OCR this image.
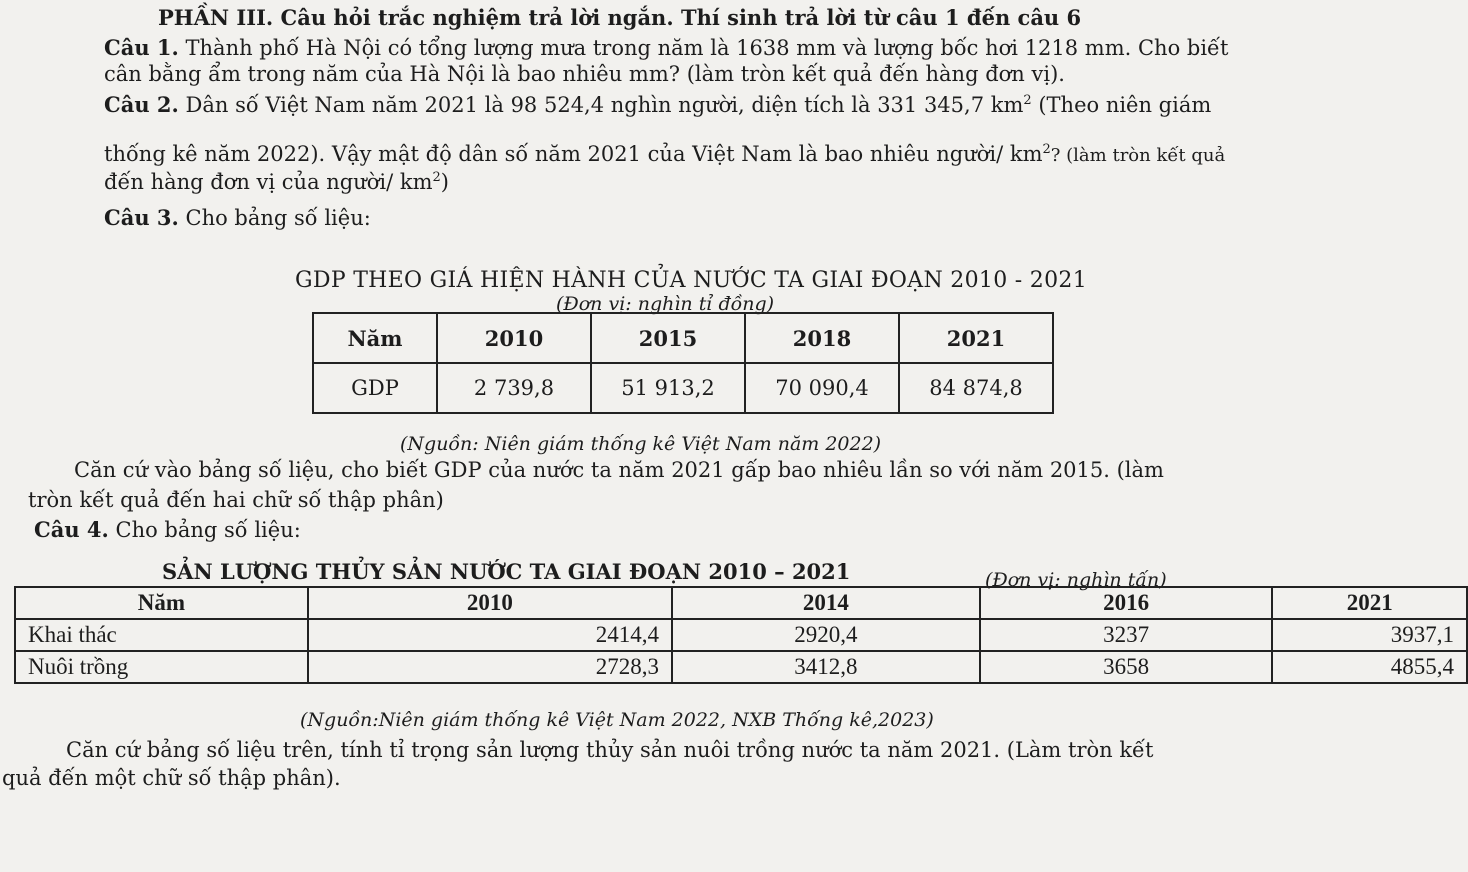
PHẦN III. Câu hỏi trắc nghiệm trả lời ngắn. Thí sinh trả lời từ câu 1 đến câu 6
Câu 1. Thành phố Hà Nội có tổng lượng mưa trong năm là 1638 mm và lượng bốc hơi 1218 mm. Cho biết
cân bằng ẩm trong năm của Hà Nội là bao nhiêu mm? (làm tròn kết quả đến hàng đơn vị).
Câu 2. Dân số Việt Nam năm 2021 là 98 524,4 nghìn người, diện tích là 331 345,7 $km^2$ (Theo niên giám
thống kê năm 2022). Vậy mật độ dân số năm 2021 của Việt Nam là bao nhiêu người/ $km^2$? (làm tròn kết quả
đến hàng đơn vị của người/ $km^2$)
Câu 3. Cho bảng số liệu:
GDP THEO GIÁ HIỆN HÀNH CỦA NƯỚC TA GIAI ĐOẠN 2010 - 2021
(Đơn vị: nghìn tỉ đồng)
Năm	2010	2015	2018	2021
GDP	2 739,8	51 913,2	70 090,4	84 874,8
(Nguồn: Niên giám thống kê Việt Nam năm 2022)
Căn cứ vào bảng số liệu, cho biết GDP của nước ta năm 2021 gấp bao nhiêu lần so với năm 2015. (làm
tròn kết quả đến hai chữ số thập phân)
Câu 4. Cho bảng số liệu:
SẢN LƯỢNG THỦY SẢN NƯỚC TA GIAI ĐOẠN 2010 – 2021	(Đơn vị: nghìn tấn)
Năm	2010	2014	2016	2021
Khai thác	2414,4	2920,4	3237	3937,1
Nuôi trồng	2728,3	3412,8	3658	4855,4
(Nguồn:Niên giám thống kê Việt Nam 2022, NXB Thống kê,2023)
Căn cứ bảng số liệu trên, tính tỉ trọng sản lượng thủy sản nuôi trồng nước ta năm 2021. (Làm tròn kết
quả đến một chữ số thập phân).
